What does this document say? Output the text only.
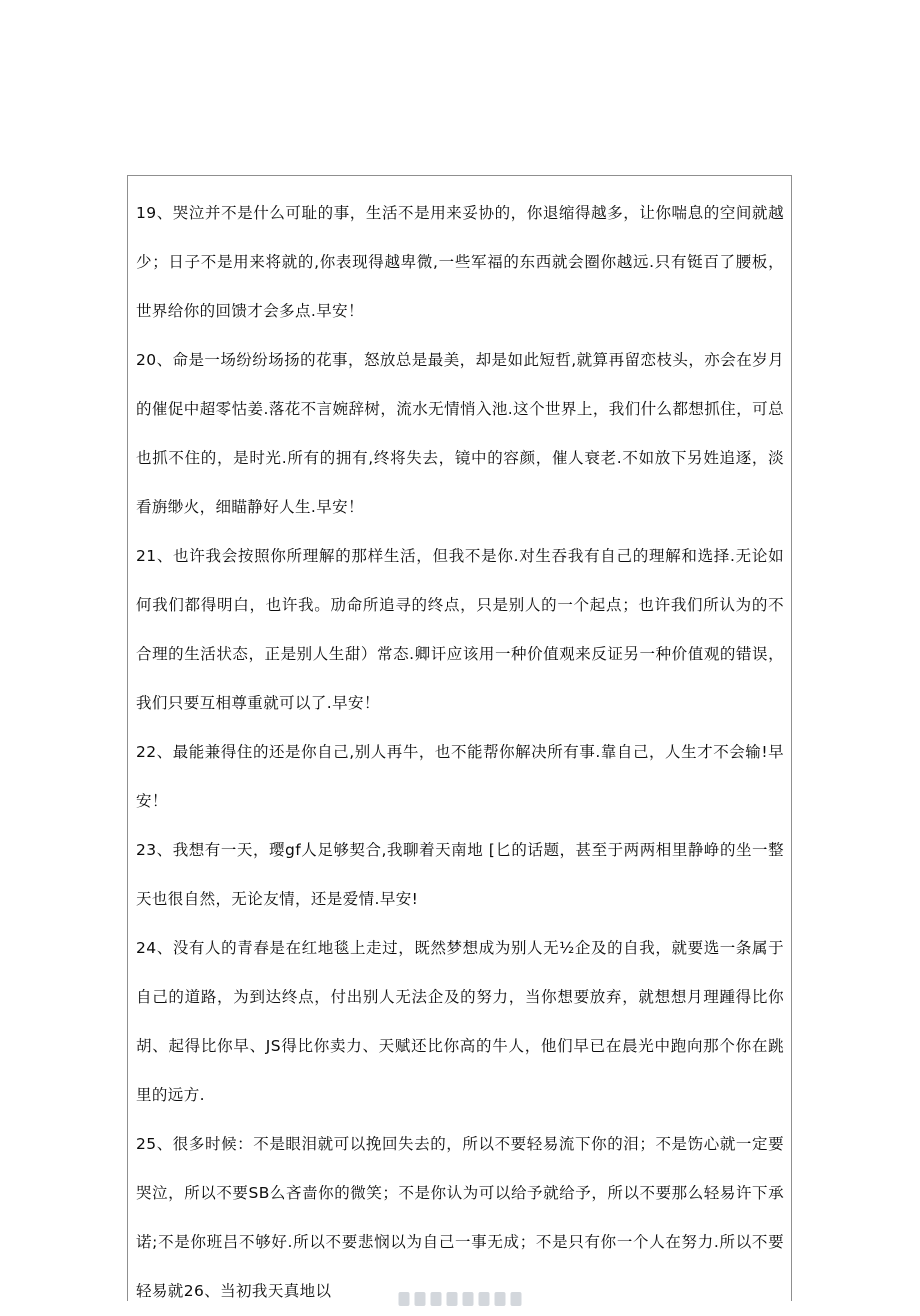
19、哭泣并不是什么可耻的事，生活不是用来妥协的，你退缩得越多，让你喘息的空间就越少；日子不是用来将就的,你表现得越卑微,一些军福的东西就会圈你越远.只有铤百了腰板，世界给你的回馈才会多点.早安！

20、命是一场纷纷场扬的花事，怒放总是最美，却是如此短哲,就算再留恋枝头，亦会在岁月的催促中超零怙姜.落花不言婉辞树，流水无情悄入池.这个世界上，我们什么都想抓住，可总也抓不住的，是时光.所有的拥有,终将失去，镜中的容颜，催人衰老.不如放下另姓追逐，淡看旃缈火，细瞄静好人生.早安！

21、也许我会按照你所理解的那样生活，但我不是你.对生吞我有自己的理解和选择.无论如何我们都得明白，也许我。劢命所追寻的终点，只是别人的一个起点；也许我们所认为的不合理的生活状态，正是别人生甜）常态.卿讦应该用一种价值观来反证另一种价值观的错误，我们只要互相尊重就可以了.早安！

22、最能兼得住的还是你自己,别人再牛，也不能帮你解决所有事.靠自己，人生才不会输!早安！

23、我想有一天，璎gf人足够契合,我聊着天南地 [匕的话题，甚至于两两相里静峥的坐一整天也很自然，无论友情，还是爱情.早安!

24、没有人的青春是在红地毯上走过，既然梦想成为别人无½企及的自我，就要选一条属于自己的道路，为到达终点，付出别人无法企及的努力，当你想要放弃，就想想月理踵得比你胡、起得比你早、JS得比你卖力、天赋还比你高的牛人，他们早已在晨光中跑向那个你在跳里的远方.

25、很多时候：不是眼泪就可以挽回失去的，所以不要轻易流下你的泪；不是饬心就一定要哭泣，所以不要SB么吝啬你的微笑；不是你认为可以给予就给予，所以不要那么轻易许下承诺;不是你班吕不够好.所以不要悲悯以为自己一事无成；不是只有你一个人在努力.所以不要轻易就26、当初我天真地以
